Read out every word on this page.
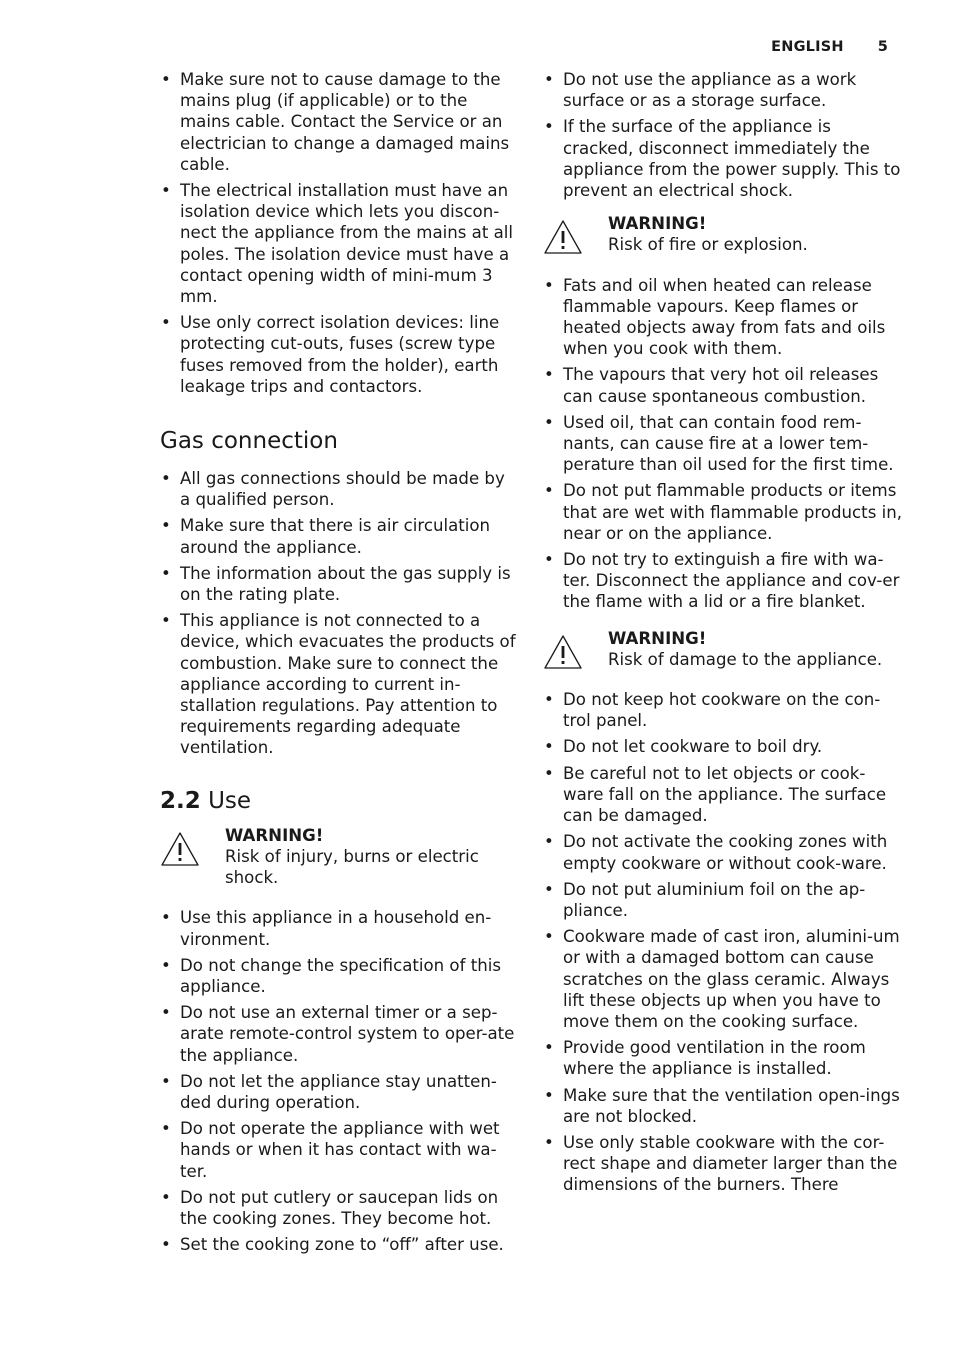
ENGLISH 5
• Make sure not to cause damage to the mains plug (if applicable) or to the mains cable. Contact the Service or an electrician to change a damaged mains cable.
• The electrical installation must have an isolation device which lets you discon-nect the appliance from the mains at all poles. The isolation device must have a contact opening width of mini-mum 3 mm.
• Use only correct isolation devices: line protecting cut-outs, fuses (screw type fuses removed from the holder), earth leakage trips and contactors.
Gas connection
• All gas connections should be made by a qualified person.
• Make sure that there is air circulation around the appliance.
• The information about the gas supply is on the rating plate.
• This appliance is not connected to a device, which evacuates the products of combustion. Make sure to connect the appliance according to current in-stallation regulations. Pay attention to requirements regarding adequate ventilation.
2.2 Use
WARNING!
Risk of injury, burns or electric shock.
• Use this appliance in a household en-vironment.
• Do not change the specification of this appliance.
• Do not use an external timer or a sep-arate remote-control system to oper-ate the appliance.
• Do not let the appliance stay unatten-ded during operation.
• Do not operate the appliance with wet hands or when it has contact with wa-ter.
• Do not put cutlery or saucepan lids on the cooking zones. They become hot.
• Set the cooking zone to “off” after use.
• Do not use the appliance as a work surface or as a storage surface.
• If the surface of the appliance is cracked, disconnect immediately the appliance from the power supply. This to prevent an electrical shock.
WARNING!
Risk of fire or explosion.
• Fats and oil when heated can release flammable vapours. Keep flames or heated objects away from fats and oils when you cook with them.
• The vapours that very hot oil releases can cause spontaneous combustion.
• Used oil, that can contain food rem-nants, can cause fire at a lower tem-perature than oil used for the first time.
• Do not put flammable products or items that are wet with flammable products in, near or on the appliance.
• Do not try to extinguish a fire with wa-ter. Disconnect the appliance and cov-er the flame with a lid or a fire blanket.
WARNING!
Risk of damage to the appliance.
• Do not keep hot cookware on the con-trol panel.
• Do not let cookware to boil dry.
• Be careful not to let objects or cook-ware fall on the appliance. The surface can be damaged.
• Do not activate the cooking zones with empty cookware or without cook-ware.
• Do not put aluminium foil on the ap-pliance.
• Cookware made of cast iron, alumini-um or with a damaged bottom can cause scratches on the glass ceramic. Always lift these objects up when you have to move them on the cooking surface.
• Provide good ventilation in the room where the appliance is installed.
• Make sure that the ventilation open-ings are not blocked.
• Use only stable cookware with the cor-rect shape and diameter larger than the dimensions of the burners. There
